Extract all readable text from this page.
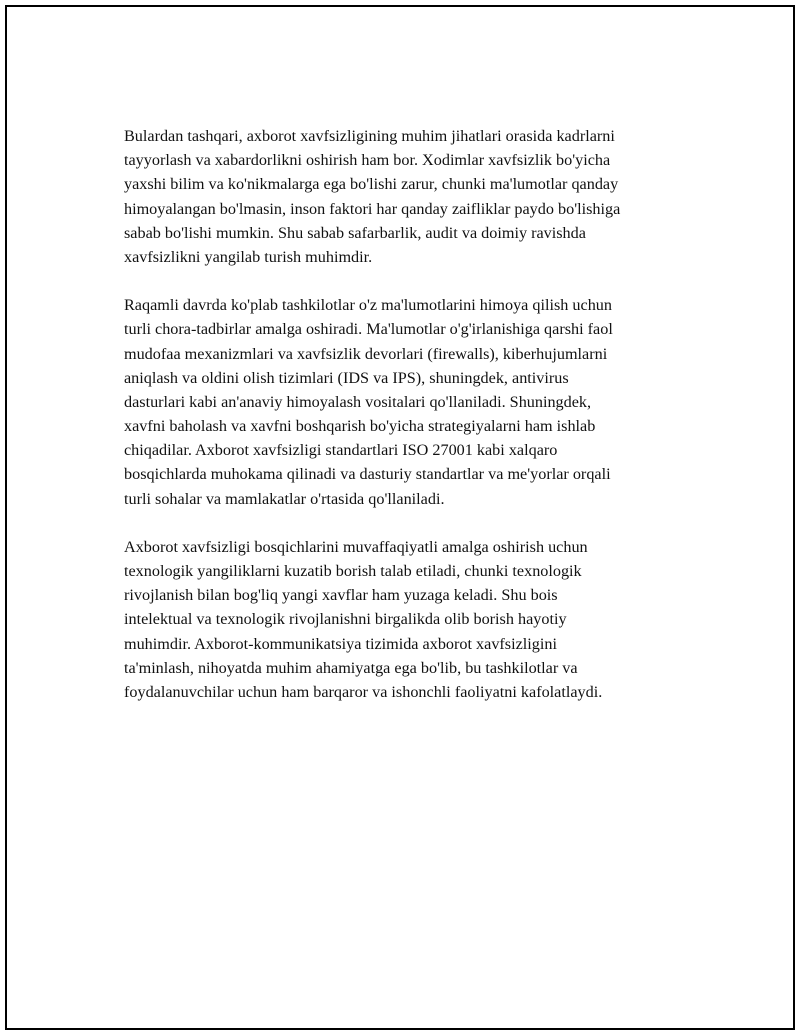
Bulardan tashqari, axborot xavfsizligining muhim jihatlari orasida kadrlarni
tayyorlash va xabardorlikni oshirish ham bor. Xodimlar xavfsizlik bo'yicha
yaxshi bilim va ko'nikmalarga ega bo'lishi zarur, chunki ma'lumotlar qanday
himoyalangan bo'lmasin, inson faktori har qanday zaifliklar paydo bo'lishiga
sabab bo'lishi mumkin. Shu sabab safarbarlik, audit va doimiy ravishda
xavfsizlikni yangilab turish muhimdir.

Raqamli davrda ko'plab tashkilotlar o'z ma'lumotlarini himoya qilish uchun
turli chora-tadbirlar amalga oshiradi. Ma'lumotlar o'g'irlanishiga qarshi faol
mudofaa mexanizmlari va xavfsizlik devorlari (firewalls), kiberhujumlarni
aniqlash va oldini olish tizimlari (IDS va IPS), shuningdek, antivirus
dasturlari kabi an'anaviy himoyalash vositalari qo'llaniladi. Shuningdek,
xavfni baholash va xavfni boshqarish bo'yicha strategiyalarni ham ishlab
chiqadilar. Axborot xavfsizligi standartlari ISO 27001 kabi xalqaro
bosqichlarda muhokama qilinadi va dasturiy standartlar va me'yorlar orqali
turli sohalar va mamlakatlar o'rtasida qo'llaniladi.

Axborot xavfsizligi bosqichlarini muvaffaqiyatli amalga oshirish uchun
texnologik yangiliklarni kuzatib borish talab etiladi, chunki texnologik
rivojlanish bilan bog'liq yangi xavflar ham yuzaga keladi. Shu bois
intelektual va texnologik rivojlanishni birgalikda olib borish hayotiy
muhimdir. Axborot-kommunikatsiya tizimida axborot xavfsizligini
ta'minlash, nihoyatda muhim ahamiyatga ega bo'lib, bu tashkilotlar va
foydalanuvchilar uchun ham barqaror va ishonchli faoliyatni kafolatlaydi.
